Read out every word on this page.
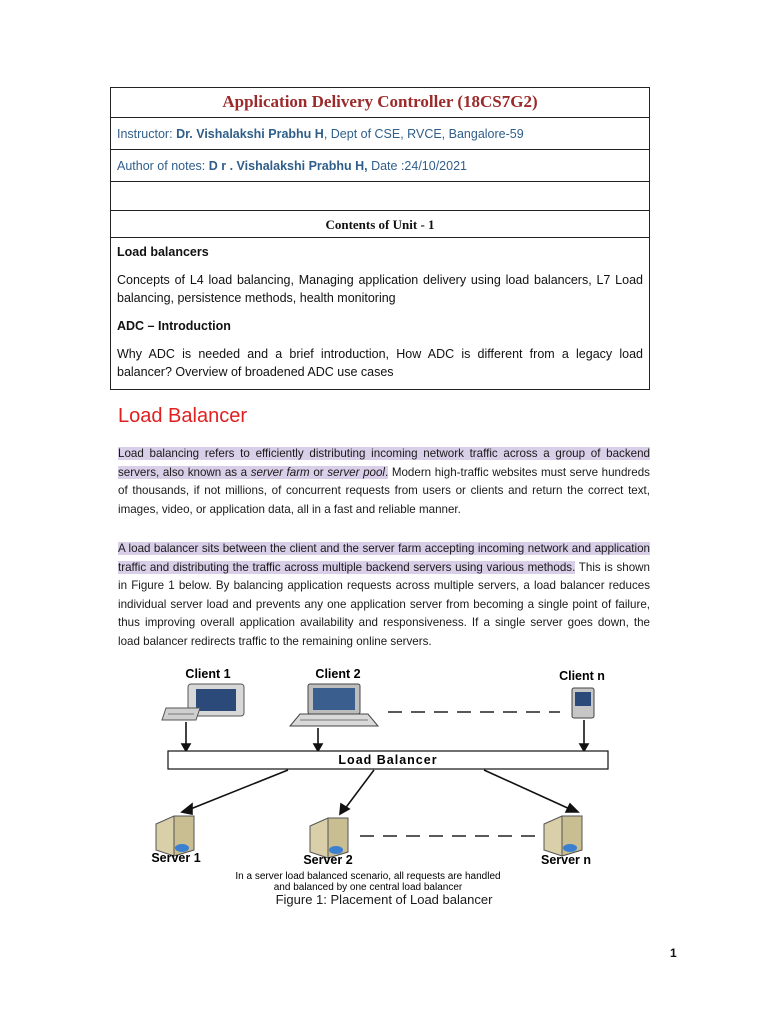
Application Delivery Controller (18CS7G2)
Instructor: Dr. Vishalakshi Prabhu H, Dept of CSE, RVCE, Bangalore-59
Author of notes: D r . Vishalakshi Prabhu H, Date :24/10/2021
Contents of Unit - 1
Load balancers

Concepts of L4 load balancing, Managing application delivery using load balancers, L7 Load balancing, persistence methods, health monitoring

ADC – Introduction

Why ADC is needed and a brief introduction, How ADC is different from a legacy load balancer? Overview of broadened ADC use cases

Load Balancer
Load balancing refers to efficiently distributing incoming network traffic across a group of backend servers, also known as a server farm or server pool. Modern high-traffic websites must serve hundreds of thousands, if not millions, of concurrent requests from users or clients and return the correct text, images, video, or application data, all in a fast and reliable manner.
A load balancer sits between the client and the server farm accepting incoming network and application traffic and distributing the traffic across multiple backend servers using various methods. This is shown in Figure 1 below. By balancing application requests across multiple servers, a load balancer reduces individual server load and prevents any one application server from becoming a single point of failure, thus improving overall application availability and responsiveness. If a single server goes down, the load balancer redirects traffic to the remaining online servers.
Client 1	Client 2	Client n
Load Balancer
Server 1	Server 2	Server n
In a server load balanced scenario, all requests are handled
and balanced by one central load balancer
Figure 1: Placement of Load balancer
1
